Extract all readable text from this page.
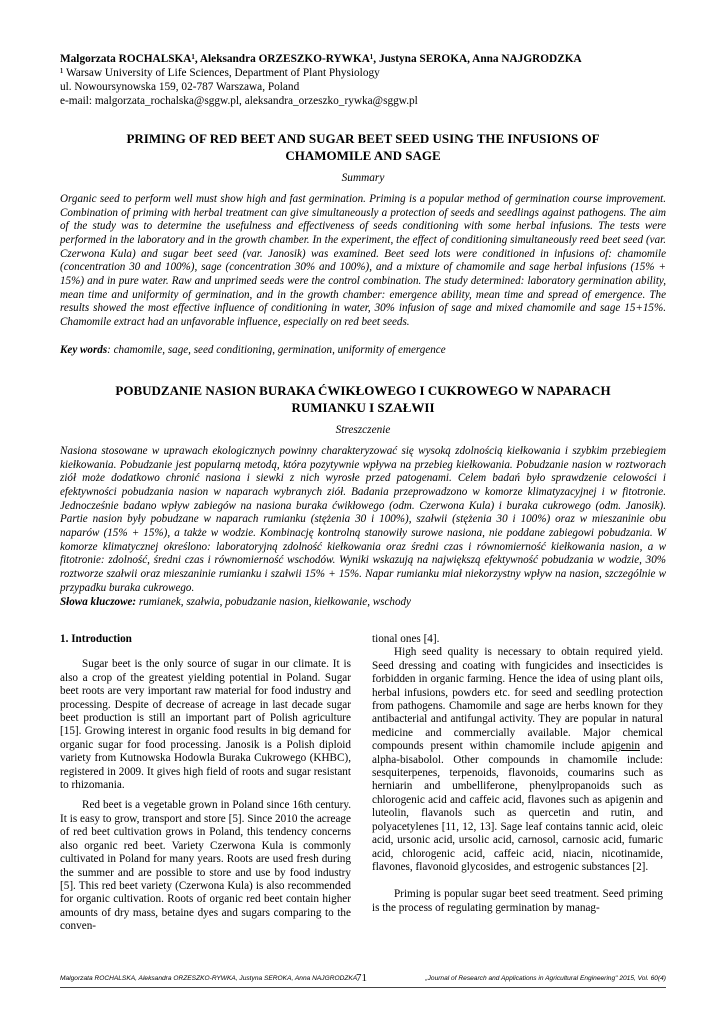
Malgorzata ROCHALSKA¹, Aleksandra ORZESZKO-RYWKA¹, Justyna SEROKA, Anna NAJGRODZKA
¹ Warsaw University of Life Sciences, Department of Plant Physiology
ul. Nowoursynowska 159, 02-787 Warszawa, Poland
e-mail: malgorzata_rochalska@sggw.pl, aleksandra_orzeszko_rywka@sggw.pl
PRIMING OF RED BEET AND SUGAR BEET SEED USING THE INFUSIONS OF
CHAMOMILE AND SAGE
Summary
Organic seed to perform well must show high and fast germination. Priming is a popular method of germination course improvement. Combination of priming with herbal treatment can give simultaneously a protection of seeds and seedlings against pathogens. The aim of the study was to determine the usefulness and effectiveness of seeds conditioning with some herbal infusions. The tests were performed in the laboratory and in the growth chamber. In the experiment, the effect of conditioning simultaneously reed beet seed (var. Czerwona Kula) and sugar beet seed (var. Janosik) was examined. Beet seed lots were conditioned in infusions of: chamomile (concentration 30 and 100%), sage (concentration 30% and 100%), and a mixture of chamomile and sage herbal infusions (15% + 15%) and in pure water. Raw and unprimed seeds were the control combination. The study determined: laboratory germination ability, mean time and uniformity of germination, and in the growth chamber: emergence ability, mean time and spread of emergence. The results showed the most effective influence of conditioning in water, 30% infusion of sage and mixed chamomile and sage 15+15%. Chamomile extract had an unfavorable influence, especially on red beet seeds.
Key words: chamomile, sage, seed conditioning, germination, uniformity of emergence
POBUDZANIE NASION BURAKA ĆWIKŁOWEGO I CUKROWEGO W NAPARACH
RUMIANKU I SZAŁWII
Streszczenie
Nasiona stosowane w uprawach ekologicznych powinny charakteryzować się wysoką zdolnością kiełkowania i szybkim przebiegiem kiełkowania. Pobudzanie jest popularną metodą, która pozytywnie wpływa na przebieg kiełkowania. Pobudzanie nasion w roztworach ziół może dodatkowo chronić nasiona i siewki z nich wyrosłe przed patogenami. Celem badań było sprawdzenie celowości i efektywności pobudzania nasion w naparach wybranych ziół. Badania przeprowadzono w komorze klimatyzacyjnej i w fitotronie. Jednocześnie badano wpływ zabiegów na nasiona buraka ćwikłowego (odm. Czerwona Kula) i buraka cukrowego (odm. Janosik). Partie nasion były pobudzane w naparach rumianku (stężenia 30 i 100%), szałwii (stężenia 30 i 100%) oraz w mieszaninie obu naparów (15% + 15%), a także w wodzie. Kombinację kontrolną stanowiły surowe nasiona, nie poddane zabiegowi pobudzania. W komorze klimatycznej określono: laboratoryjną zdolność kiełkowania oraz średni czas i równomierność kiełkowania nasion, a w fitotronie: zdolność, średni czas i równomierność wschodów. Wyniki wskazują na największą efektywność pobudzania w wodzie, 30% roztworze szałwii oraz mieszaninie rumianku i szałwii 15% + 15%. Napar rumianku miał niekorzystny wpływ na nasion, szczególnie w przypadku buraka cukrowego.
Słowa kluczowe: rumianek, szałwia, pobudzanie nasion, kiełkowanie, wschody
1. Introduction

Sugar beet is the only source of sugar in our climate. It is also a crop of the greatest yielding potential in Poland. Sugar beet roots are very important raw material for food industry and processing. Despite of decrease of acreage in last decade sugar beet production is still an important part of Polish agriculture [15]. Growing interest in organic food results in big demand for organic sugar for food processing. Janosik is a Polish diploid variety from Kutnowska Hodowla Buraka Cukrowego (KHBC), registered in 2009. It gives high field of roots and sugar resistant to rhizomania.

Red beet is a vegetable grown in Poland since 16th century. It is easy to grow, transport and store [5]. Since 2010 the acreage of red beet cultivation grows in Poland, this tendency concerns also organic red beet. Variety Czerwona Kula is commonly cultivated in Poland for many years. Roots are used fresh during the summer and are possible to store and use by food industry [5]. This red beet variety (Czerwona Kula) is also recommended for organic cultivation. Roots of organic red beet contain higher amounts of dry mass, betaine dyes and sugars comparing to the conven-

tional ones [4].

High seed quality is necessary to obtain required yield. Seed dressing and coating with fungicides and insecticides is forbidden in organic farming. Hence the idea of using plant oils, herbal infusions, powders etc. for seed and seedling protection from pathogens. Chamomile and sage are herbs known for they antibacterial and antifungal activity. They are popular in natural medicine and commercially available. Major chemical compounds present within chamomile include apigenin and alpha-bisabolol. Other compounds in chamomile include: sesquiterpenes, terpenoids, flavonoids, coumarins such as herniarin and umbelliferone, phenylpropanoids such as chlorogenic acid and caffeic acid, flavones such as apigenin and luteolin, flavanols such as quercetin and rutin, and polyacetylenes [11, 12, 13]. Sage leaf contains tannic acid, oleic acid, ursonic acid, ursolic acid, carnosol, carnosic acid, fumaric acid, chlorogenic acid, caffeic acid, niacin, nicotinamide, flavones, flavonoid glycosides, and estrogenic substances [2].

Priming is popular sugar beet seed treatment. Seed priming is the process of regulating germination by manag-

Malgorzata ROCHALSKA, Aleksandra ORZESZKO-RYWKA, Justyna SEROKA, Anna NAJGRODZKA
71	„Journal of Research and Applications in Agricultural Engineering" 2015, Vol. 60(4)
